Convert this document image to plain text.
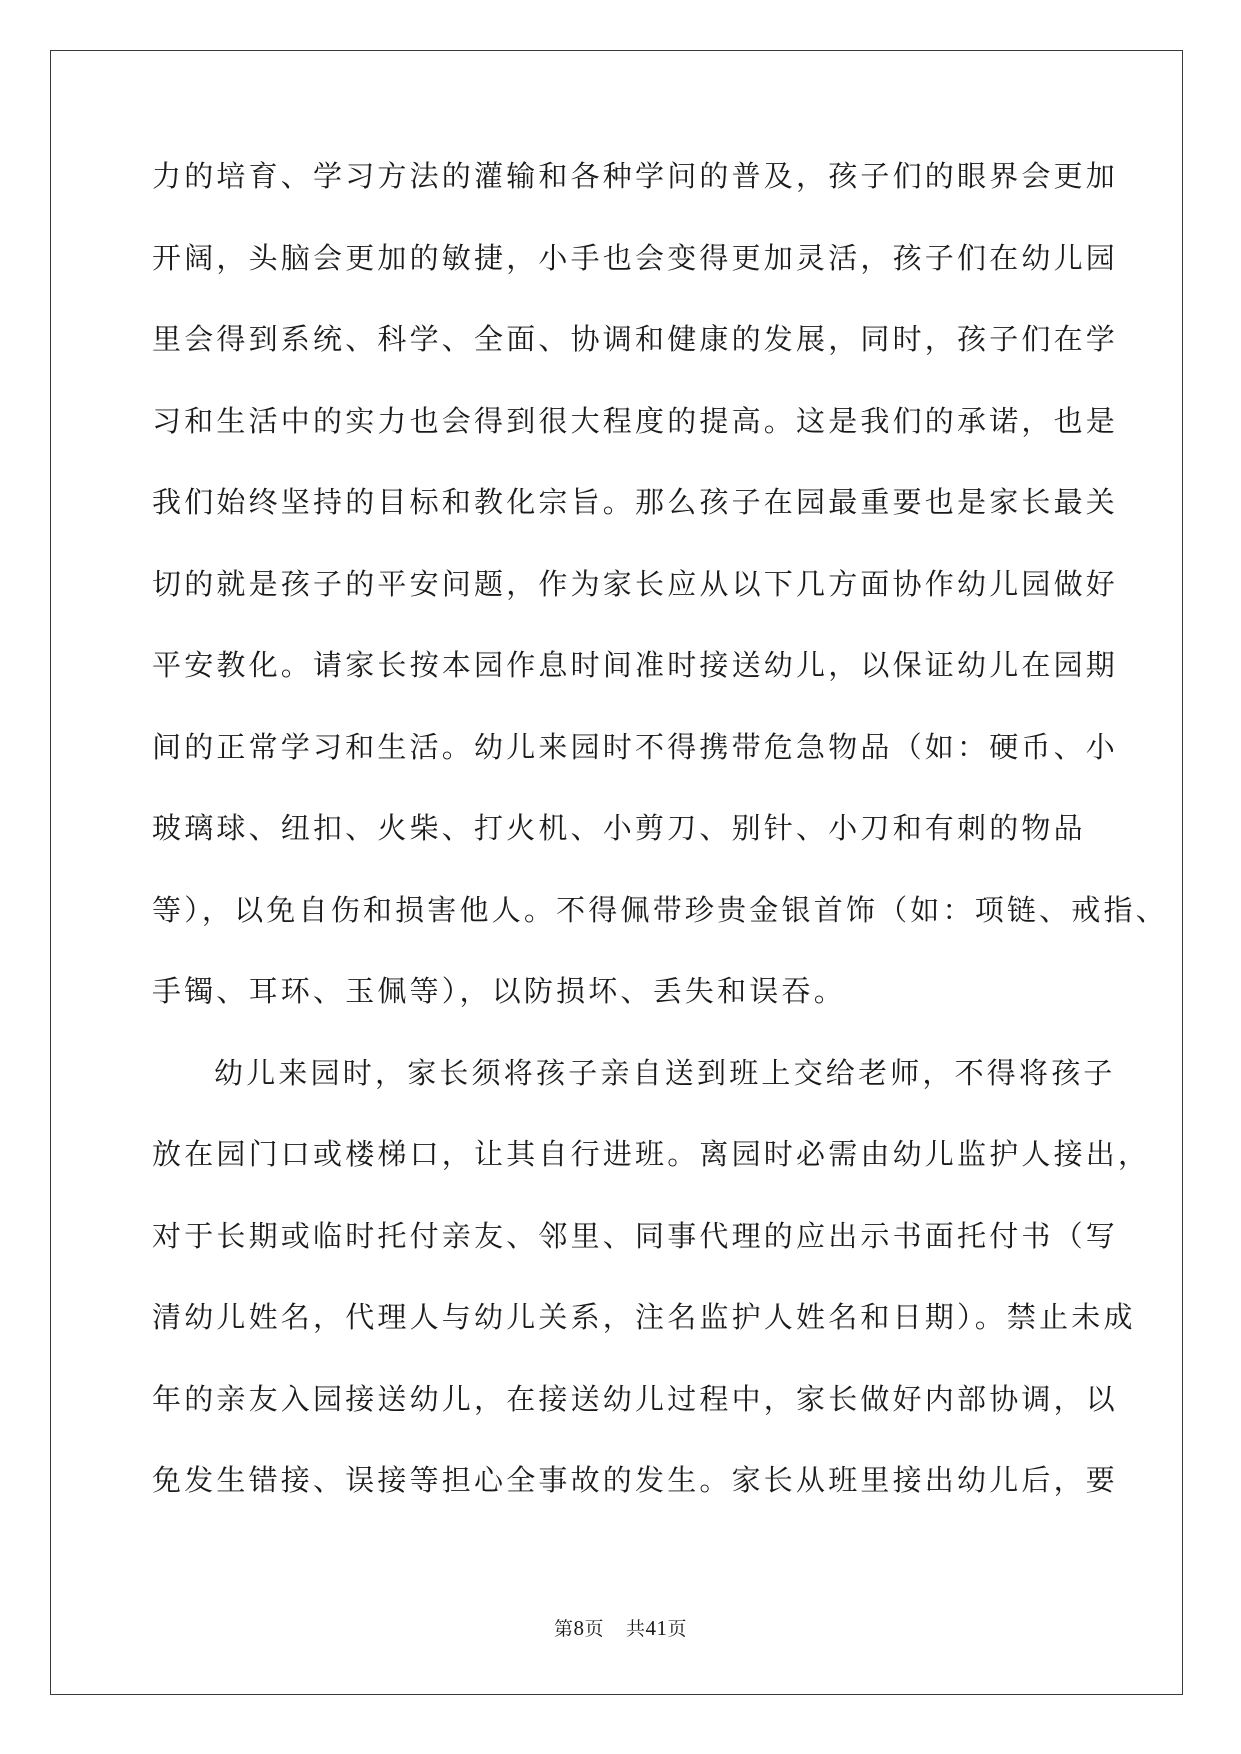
力的培育、学习方法的灌输和各种学问的普及，孩子们的眼界会更加
开阔，头脑会更加的敏捷，小手也会变得更加灵活，孩子们在幼儿园
里会得到系统、科学、全面、协调和健康的发展，同时，孩子们在学
习和生活中的实力也会得到很大程度的提高。这是我们的承诺，也是
我们始终坚持的目标和教化宗旨。那么孩子在园最重要也是家长最关
切的就是孩子的平安问题，作为家长应从以下几方面协作幼儿园做好
平安教化。请家长按本园作息时间准时接送幼儿，以保证幼儿在园期
间的正常学习和生活。幼儿来园时不得携带危急物品（如：硬币、小
玻璃球、纽扣、火柴、打火机、小剪刀、别针、小刀和有刺的物品
等），以免自伤和损害他人。不得佩带珍贵金银首饰（如：项链、戒指、
手镯、耳环、玉佩等），以防损坏、丢失和误吞。
幼儿来园时，家长须将孩子亲自送到班上交给老师，不得将孩子
放在园门口或楼梯口，让其自行进班。离园时必需由幼儿监护人接出，
对于长期或临时托付亲友、邻里、同事代理的应出示书面托付书（写
清幼儿姓名，代理人与幼儿关系，注名监护人姓名和日期）。禁止未成
年的亲友入园接送幼儿，在接送幼儿过程中，家长做好内部协调，以
免发生错接、误接等担心全事故的发生。家长从班里接出幼儿后，要
第8页 共41页
